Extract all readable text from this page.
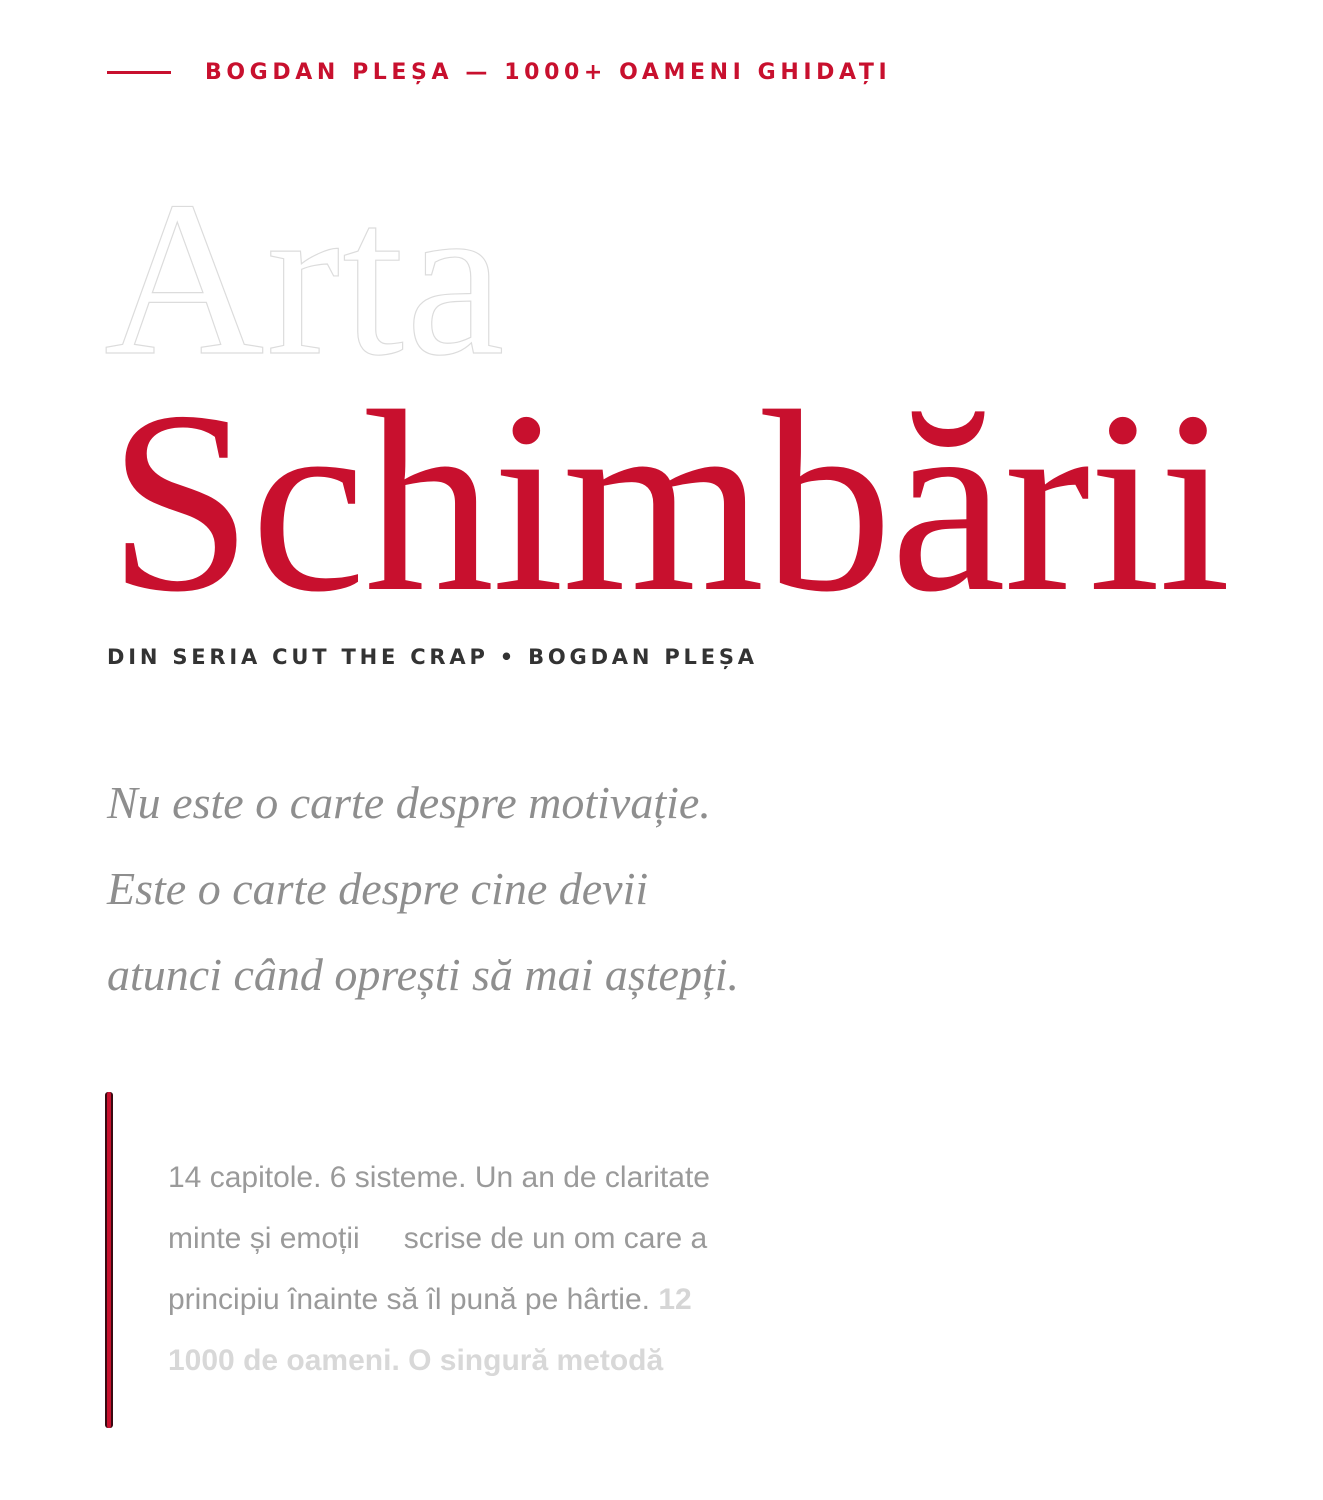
BOGDAN PLEȘA — 1000+ OAMENI GHIDAȚI
Arta
Schimbării
DIN SERIA CUT THE CRAP • BOGDAN PLEȘA
Nu este o carte despre motivație.
Este o carte despre cine devii
atunci când oprești să mai aștepți.
14 capitole. 6 sisteme. Un an de claritate
minte și emoții scrise de un om care a
principiu înainte să îl pună pe hârtie. 12
1000 de oameni. O singură metodă
